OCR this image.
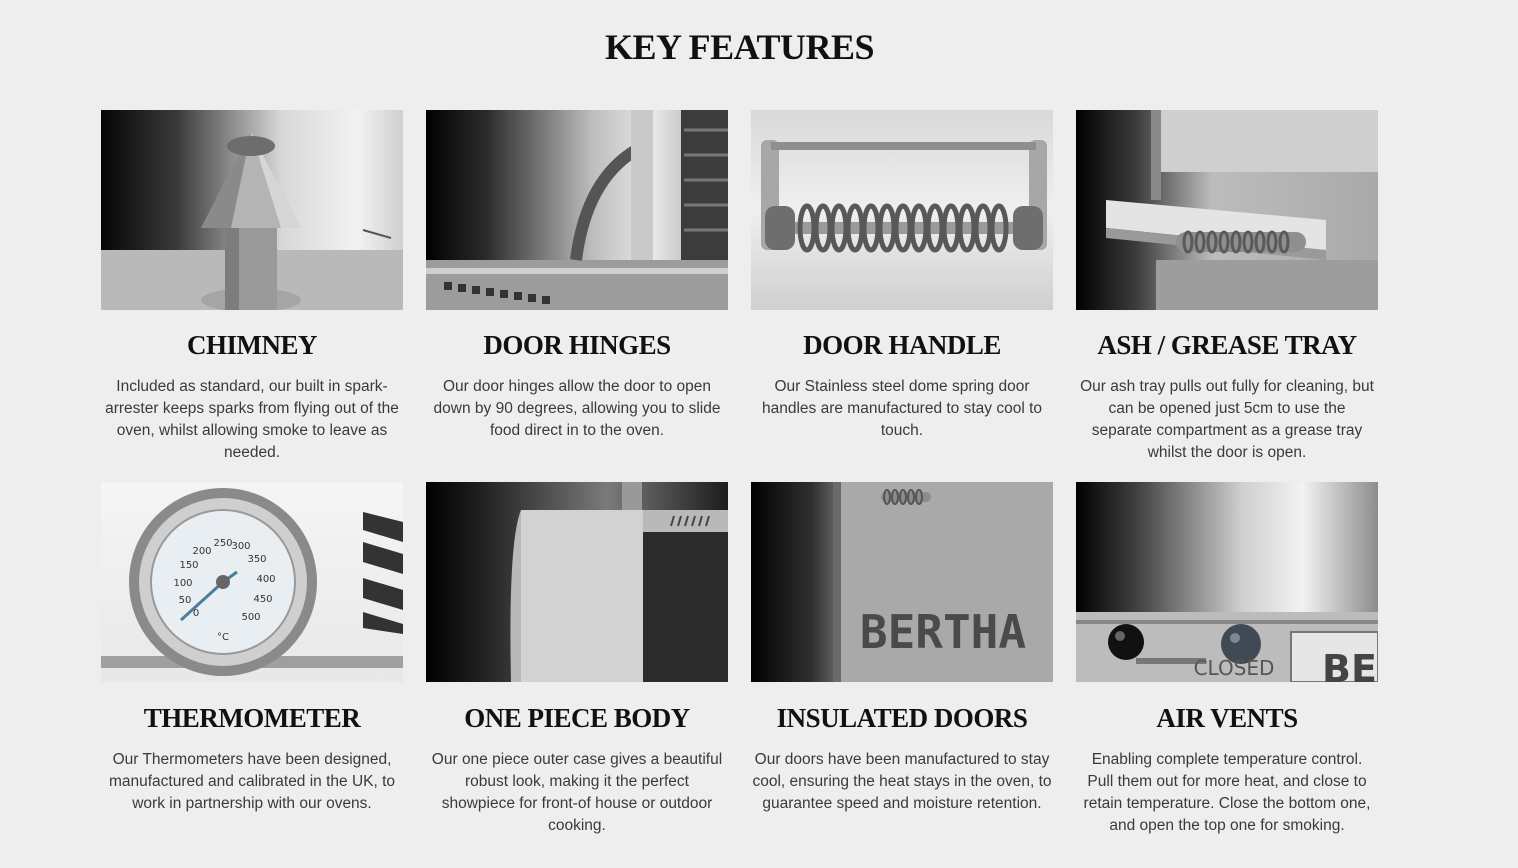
KEY FEATURES
CHIMNEY
Included as standard, our built in spark-arrester keeps sparks from flying out of the oven, whilst allowing smoke to leave as needed.
DOOR HINGES
Our door hinges allow the door to open down by 90 degrees, allowing you to slide food direct in to the oven.
DOOR HANDLE
Our Stainless steel dome spring door handles are manufactured to stay cool to touch.
ASH / GREASE TRAY
Our ash tray pulls out fully for cleaning, but can be opened just 5cm to use the separate compartment as a grease tray whilst the door is open.
0
50
100
150
200
250
300
350
400
450
500
°C
THERMOMETER
Our Thermometers have been designed, manufactured and calibrated in the UK, to work in partnership with our ovens.
ONE PIECE BODY
Our one piece outer case gives a beautiful robust look, making it the perfect showpiece for front-of house or outdoor cooking.
BERTHA
INSULATED DOORS
Our doors have been manufactured to stay cool, ensuring the heat stays in the oven, to guarantee speed and moisture retention.
BE
CLOSED
AIR VENTS
Enabling complete temperature control. Pull them out for more heat, and close to retain temperature. Close the bottom one, and open the top one for smoking.
